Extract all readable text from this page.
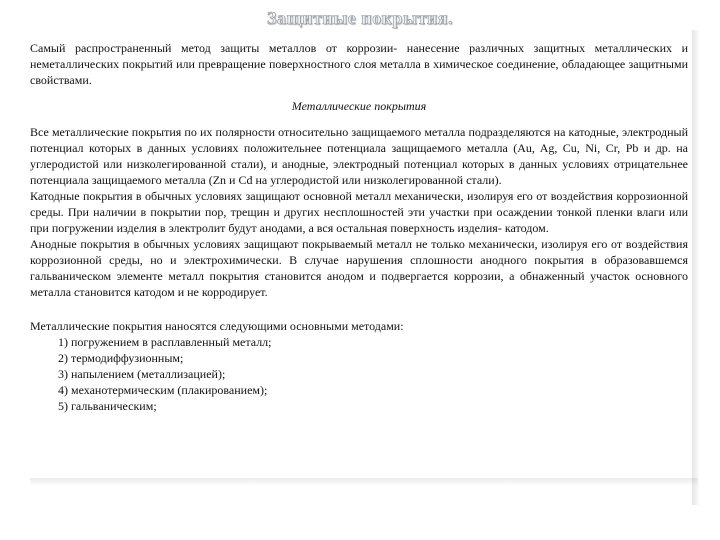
Защитные покрытия.

Самый распространенный метод защиты металлов от коррозии- нанесение различных защитных металлических и неметаллических покрытий или превращение поверхностного слоя металла в химическое соединение, обладающее защитными свойствами.

Металлические покрытия

Все металлические покрытия по их полярности относительно защищаемого металла подразделяются на катодные, электродный потенциал которых в данных условиях положительнее потенциала защищаемого металла (Au, Ag, Cu, Ni, Cr, Pb и др. на углеродистой или низколегированной стали), и анодные, электродный потенциал которых в данных условиях отрицательнее потенциала защищаемого металла (Zn и Cd на углеродистой или низколегированной стали).

Катодные покрытия в обычных условиях защищают основной металл механически, изолируя его от воздействия коррозионной среды. При наличии в покрытии пор, трещин и других несплошностей эти участки при осаждении тонкой пленки влаги или при погружении изделия в электролит будут анодами, а вся остальная поверхность изделия- катодом.

Анодные покрытия в обычных условиях защищают покрываемый металл не только механически, изолируя его от воздействия коррозионной среды, но и электрохимически. В случае нарушения сплошности анодного покрытия в образовавшемся гальваническом элементе металл покрытия становится анодом и подвергается коррозии, а обнаженный участок основного металла становится катодом и не корродирует.

Металлические покрытия наносятся следующими основными методами:

1) погружением в расплавленный металл;
2) термодиффузионным;
3) напылением (металлизацией);
4) механотермическим (плакированием);
5) гальваническим;
